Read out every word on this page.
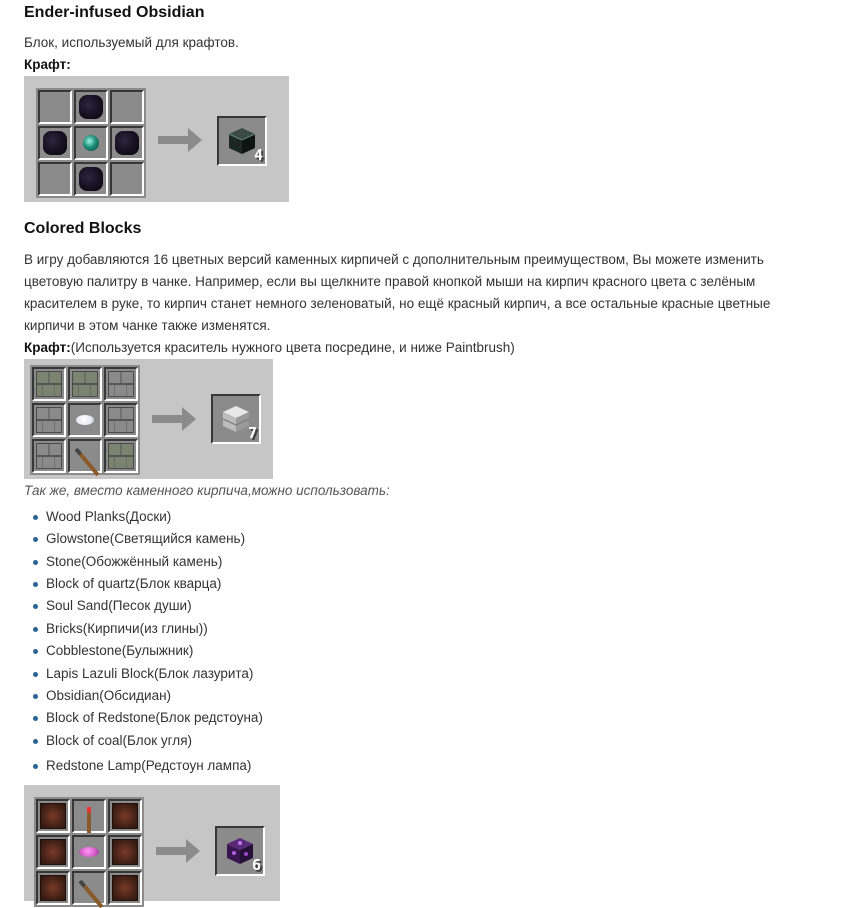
Ender-infused Obsidian

Блок, используемый для крафтов.

Крафт:

4
Colored Blocks

В игру добавляются 16 цветных версий каменных кирпичей с дополнительным преимуществом, Вы можете изменить

цветовую палитру в чанке. Например, если вы щелкните правой кнопкой мыши на кирпич красного цвета с зелёным

красителем в руке, то кирпич станет немного зеленоватый, но ещё красный кирпич, а все остальные красные цветные

кирпичи в этом чанке также изменятся.

Крафт:(Используется краситель нужного цвета посредине, и ниже Paintbrush)

7

Так же, вместо каменного кирпича,можно использовать:

Wood Planks(Доски)
Glowstone(Светящийся камень)
Stone(Обожжённый камень)
Block of quartz(Блок кварца)
Soul Sand(Песок души)
Bricks(Кирпичи(из глины))
Cobblestone(Булыжник)
Lapis Lazuli Block(Блок лазурита)
Obsidian(Обсидиан)
Block of Redstone(Блок редстоуна)
Block of coal(Блок угля)
Redstone Lamp(Редстоун лампа)
6
